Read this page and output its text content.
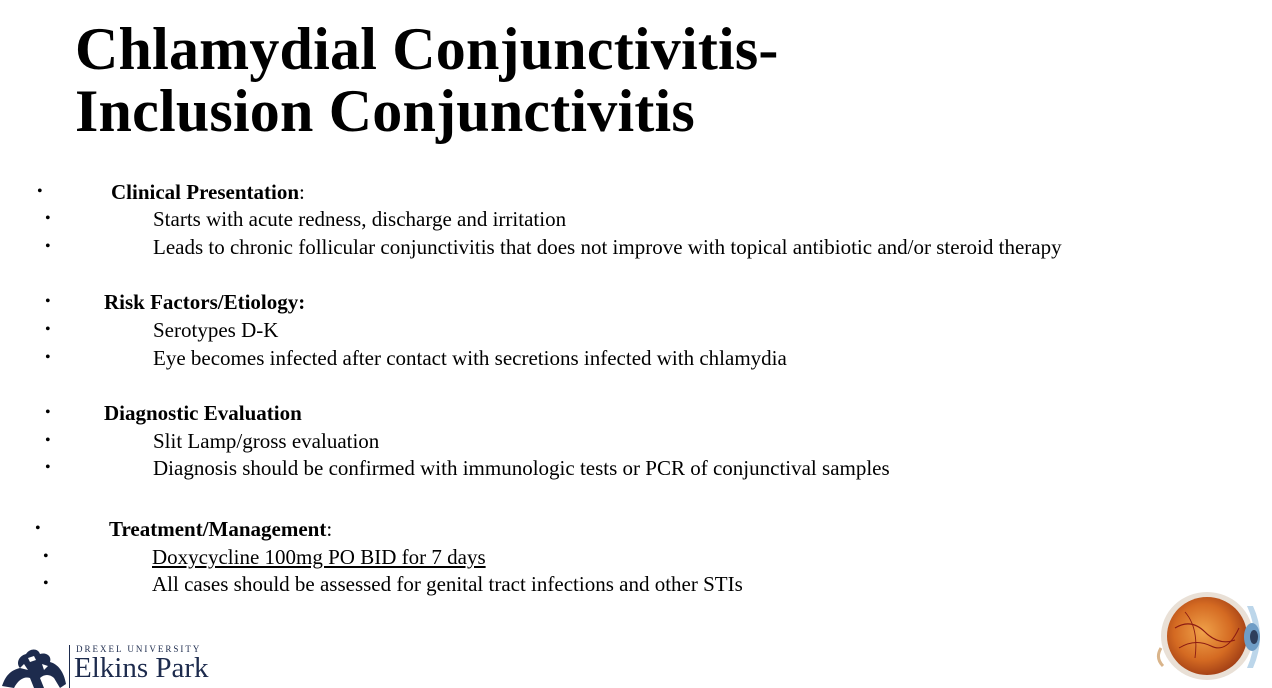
Chlamydial Conjunctivitis-
Inclusion Conjunctivitis
•	Clinical Presentation:
•	Starts with acute redness, discharge and irritation
•	Leads to chronic follicular conjunctivitis that does not improve with topical antibiotic and/or steroid therapy
•	Risk Factors/Etiology:
•	Serotypes D-K
•	Eye becomes infected after contact with secretions infected with chlamydia
•	Diagnostic Evaluation
•	Slit Lamp/gross evaluation
•	Diagnosis should be confirmed with immunologic tests or PCR of conjunctival samples
•	Treatment/Management:
•	Doxycycline 100mg PO BID for 7 days
•	All cases should be assessed for genital tract infections and other STIs
DREXEL UNIVERSITY
Elkins Park
